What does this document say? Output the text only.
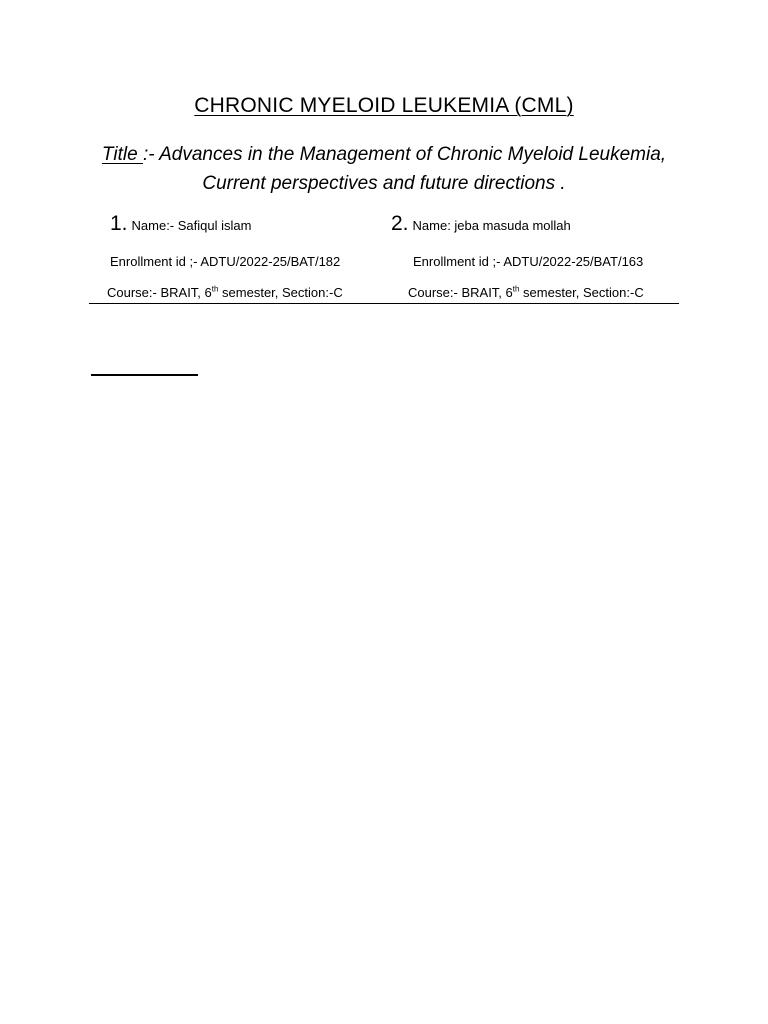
CHRONIC MYELOID LEUKEMIA (CML)
Title :- Advances in the Management of Chronic Myeloid Leukemia,
Current perspectives and future directions .
1. Name:- Safiqul islam	2. Name: jeba masuda mollah
Enrollment id ;- ADTU/2022-25/BAT/182	Enrollment id ;- ADTU/2022-25/BAT/163
Course:- BRAIT, 6th semester, Section:-C	Course:- BRAIT, 6th semester, Section:-C
